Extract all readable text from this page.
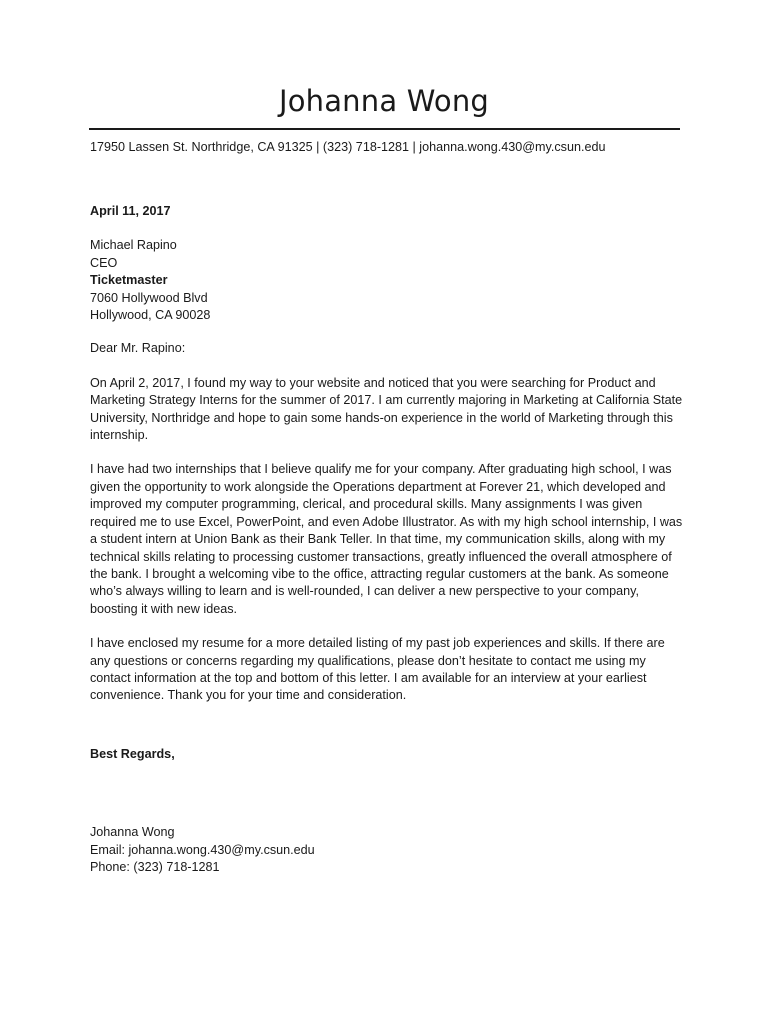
Johanna Wong
17950 Lassen St. Northridge, CA 91325 | (323) 718-1281 | johanna.wong.430@my.csun.edu
April 11, 2017
Michael Rapino
CEO
Ticketmaster
7060 Hollywood Blvd
Hollywood, CA 90028
Dear Mr. Rapino:

On April 2, 2017, I found my way to your website and noticed that you were searching for Product and Marketing Strategy Interns for the summer of 2017. I am currently majoring in Marketing at California State University, Northridge and hope to gain some hands-on experience in the world of Marketing through this internship.

I have had two internships that I believe qualify me for your company. After graduating high school, I was given the opportunity to work alongside the Operations department at Forever 21, which developed and improved my computer programming, clerical, and procedural skills. Many assignments I was given required me to use Excel, PowerPoint, and even Adobe Illustrator. As with my high school internship, I was a student intern at Union Bank as their Bank Teller. In that time, my communication skills, along with my technical skills relating to processing customer transactions, greatly influenced the overall atmosphere of the bank. I brought a welcoming vibe to the office, attracting regular customers at the bank. As someone who’s always willing to learn and is well-rounded, I can deliver a new perspective to your company, boosting it with new ideas.

I have enclosed my resume for a more detailed listing of my past job experiences and skills. If there are any questions or concerns regarding my qualifications, please don’t hesitate to contact me using my contact information at the top and bottom of this letter. I am available for an interview at your earliest convenience. Thank you for your time and consideration.

Best Regards,
Johanna Wong
Email: johanna.wong.430@my.csun.edu
Phone: (323) 718-1281
